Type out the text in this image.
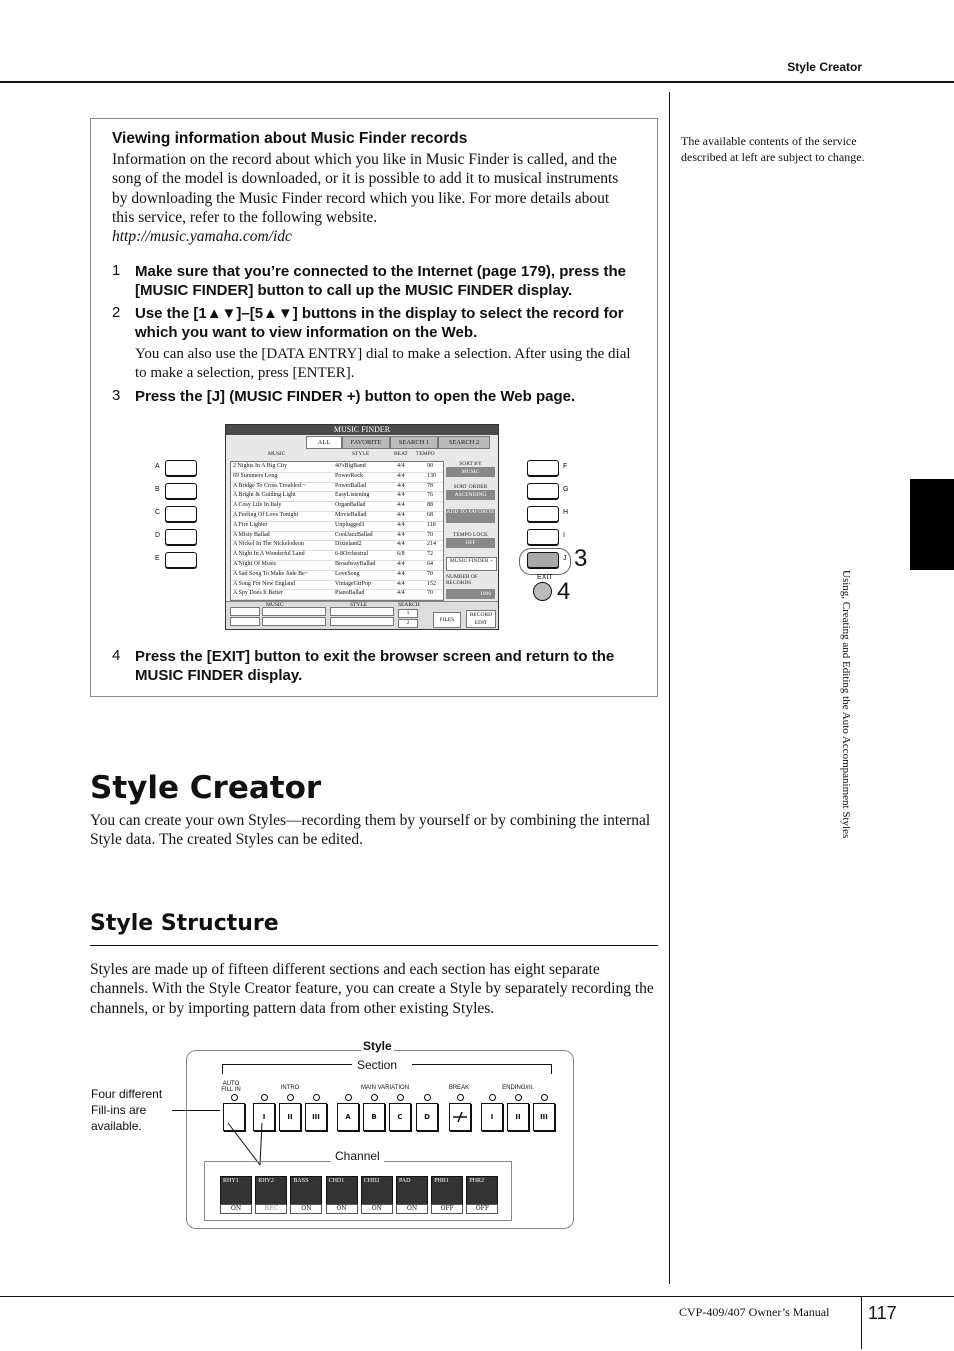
Style Creator
Using, Creating and Editing the Auto Accompaniment Styles
The available contents of the service described at left are subject to change.
Viewing information about Music Finder records
Information on the record about which you like in Music Finder is called, and the song of the model is downloaded, or it is possible to add it to musical instruments by downloading the Music Finder record which you like. For more details about this service, refer to the following website.
http://music.yamaha.com/idc
1 Make sure that you’re connected to the Internet (page 179), press the [MUSIC FINDER] button to call up the MUSIC FINDER display.
2 Use the [1▲▼]–[5▲▼] buttons in the display to select the record for which you want to view information on the Web.
You can also use the [DATA ENTRY] dial to make a selection. After using the dial to make a selection, press [ENTER].
3 Press the [J] (MUSIC FINDER +) button to open the Web page.
MUSIC FINDER
ALL	FAVORITE	SEARCH 1	SEARCH 2
MUSIC	STYLE	BEAT TEMPO
2 Nights In A Big City	40'sBigBand	4/4	90
69 Summers Long	PowerRock	4/4	130
A Bridge To Cross Troubled ~	PowerBallad	4/4	78
A Bright & Guiding Light	EasyListening	4/4	76
A Cosy Life In Italy	OrganBallad	4/4	88
A Feeling Of Love Tonight	MovieBallad	4/4	68
A Fire Lighter	Unplugged1	4/4	118
A Misty Ballad	CoolJazzBallad	4/4	70
A Nickel In The Nickelodeon	Dixieland2	4/4	214
A Night In A Wonderful Land	6-8Orchestral	6/8	72
A Night Of Music	BroadwayBallad	4/4	64
A Sad Song To Make Jude Be~	LoveSong	4/4	70
A Song For New England	VintageGtrPop	4/4	152
A Spy Does It Better	PianoBallad	4/4	70
SORT BY
MUSIC
SORT ORDER
ASCENDING
ADD TO FAVORITE
TEMPO LOCK
OFF
MUSIC FINDER +
NUMBER OF RECORDS
1006
MUSIC	STYLE	SEARCH
1
2	FILES
RECORD EDIT
A
B
C
D
E
F
G
H
I
J
EXIT
3
4
4 Press the [EXIT] button to exit the browser screen and return to the MUSIC FINDER display.
Style Creator
You can create your own Styles—recording them by yourself or by combining the internal Style data. The created Styles can be edited.
Style Structure
Styles are made up of fifteen different sections and each section has eight separate channels. With the Style Creator feature, you can create a Style by separately recording the channels, or by importing pattern data from other existing Styles.
Style
Section
AUTO FILL IN	INTRO	MAIN VARIATION	BREAK	ENDING/rit.
I	II	III	A	B	C	D	I	II	III
Four different Fill-ins are available.
Channel
RHY1
ON
RHY2
REC
BASS
ON
CHD1
ON
CHD2
ON
PAD
ON
PHR1
OFF
PHR2
OFF
CVP-409/407 Owner’s Manual 117
